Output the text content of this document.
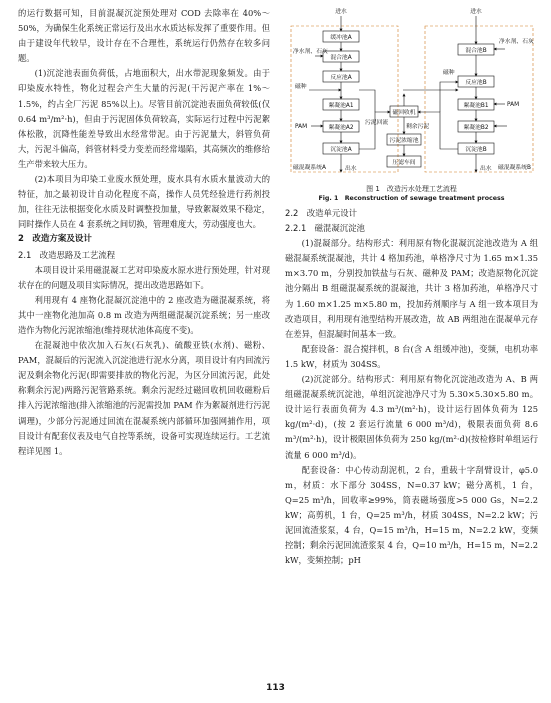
的运行数据可知，目前混凝沉淀预处理对 COD 去除率在 40%～50%，为确保生化系统正常运行及出水水质达标发挥了重要作用。但由于建设年代较早，设计存在不合理性，系统运行仍然存在较多问题。

(1)沉淀池表面负荷低，占地面积大，出水带泥现象频发。由于印染废水特性，物化过程会产生大量的污泥(干污泥产率在 1%～1.5%，约占全厂污泥 85%以上)。尽管目前沉淀池表面负荷较低(仅 0.64 m³/m²·h)，但由于污泥固体负荷较高，实际运行过程中污泥絮体松散，沉降性能差导致出水经常带泥。由于污泥量大，斜管负荷大，污泥斗偏高，斜管材料受力变差而经常塌陷，其高频次的维修给生产带来较大压力。

(2)本项目为印染工业废水预处理，废水具有水质水量波动大的特征，加之最初设计自动化程度不高，操作人员凭经验进行药剂投加，往往无法根据变化水质及时调整投加量，导致絮凝效果不稳定，同时操作人员在 4 套系统之间切换，管理难度大，劳动强度也大。

2　改造方案及设计

2.1　改造思路及工艺流程

本项目设计采用磁混凝工艺对印染废水原水进行预处理，针对现状存在的问题及项目实际情况，提出改造思路如下。

利用现有 4 座物化混凝沉淀池中的 2 座改造为磁混凝系统，将其中一座物化池加高 0.8 m 改造为两组磁混凝沉淀系统；另一座改造作为物化污泥浓缩池(维持现状池体高度不变)。

在混凝池中依次加入石灰(石灰乳)、硫酸亚铁(水剂)、磁粉、PAM，混凝后的污泥流入沉淀池进行泥水分离，项目设计有内回流污泥及剩余物化污泥(即需要排放的物化污泥，为区分回流污泥，此处称剩余污泥)两路污泥管路系统。剩余污泥经过磁回收机回收磁粉后排入污泥浓缩池(排入浓缩池的污泥需投加 PAM 作为絮凝剂进行污泥调理)，少部分污泥通过回流在混凝系统内部循环加强网捕作用，项目设计有配套仪表及电气自控等系统，设备可实现连续运行。工艺流程详见图 1。

进水	进水
缓冲池A
混合池A
净水剂、石灰
反应池A
磁种
絮凝池A1
PAM	絮凝池A2
沉淀池A
污泥回流
磁回收机
剩余污泥
污泥浓缩池
压滤车间
出水	出水
磁混凝系统A	磁混凝系统B
混合池B
净水剂、石灰
反应池B
磁种
絮凝池B1	PAM
絮凝池B2
沉淀池B
图 1　改造污水处理工艺流程
Fig. 1　Reconstruction of sewage treatment process

2.2　改造单元设计

2.2.1　磁混凝沉淀池

(1)混凝部分。结构形式：利用原有物化混凝沉淀池改造为 A 组磁混凝系统混凝池，共计 4 格加药池，单格净尺寸为 1.65 m×1.35 m×3.70 m，分别投加铁盐与石灰、磁种及 PAM；改造原物化沉淀池分隔出 B 组磁混凝系统的混凝池，共计 3 格加药池，单格净尺寸为 1.60 m×1.25 m×5.80 m，投加药剂顺序与 A 组一致本项目为改造项目，利用现有池型结构开展改造，故 AB 两组池在混凝单元存在差异，但混凝时间基本一致。

配套设备：混合搅拌机，8 台(含 A 组缓冲池)，变频，电机功率 1.5 kW，材质为 304SS。

(2)沉淀部分。结构形式：利用原有物化沉淀池改造为 A、B 两组磁混凝系统沉淀池，单组沉淀池净尺寸为 5.30×5.30×5.80 m。设计运行表面负荷为 4.3 m³/(m²·h)，设计运行固体负荷为 125 kg/(m²·d)，(按 2 套运行流量 6 000 m³/d)，极限表面负荷 8.6 m³/(m²·h)，设计极限固体负荷为 250 kg/(m²·d)(按检修时单组运行流量 6 000 m³/d)。

配套设备：中心传动刮泥机，2 台，重载十字刮臂设计，φ5.0 m，材质：水下部分 304SS，N=0.37 kW；磁分离机，1 台，Q=25 m³/h，回收率≥99%，筒表磁场强度>5 000 Gs，N=2.2 kW；高剪机，1 台，Q=25 m³/h，材质 304SS，N=2.2 kW；污泥回流渣浆泵，4 台，Q=15 m³/h，H=15 m，N=2.2 kW，变频控制；剩余污泥回流渣浆泵 4 台，Q=10 m³/h，H=15 m，N=2.2 kW，变频控制；pH

113
